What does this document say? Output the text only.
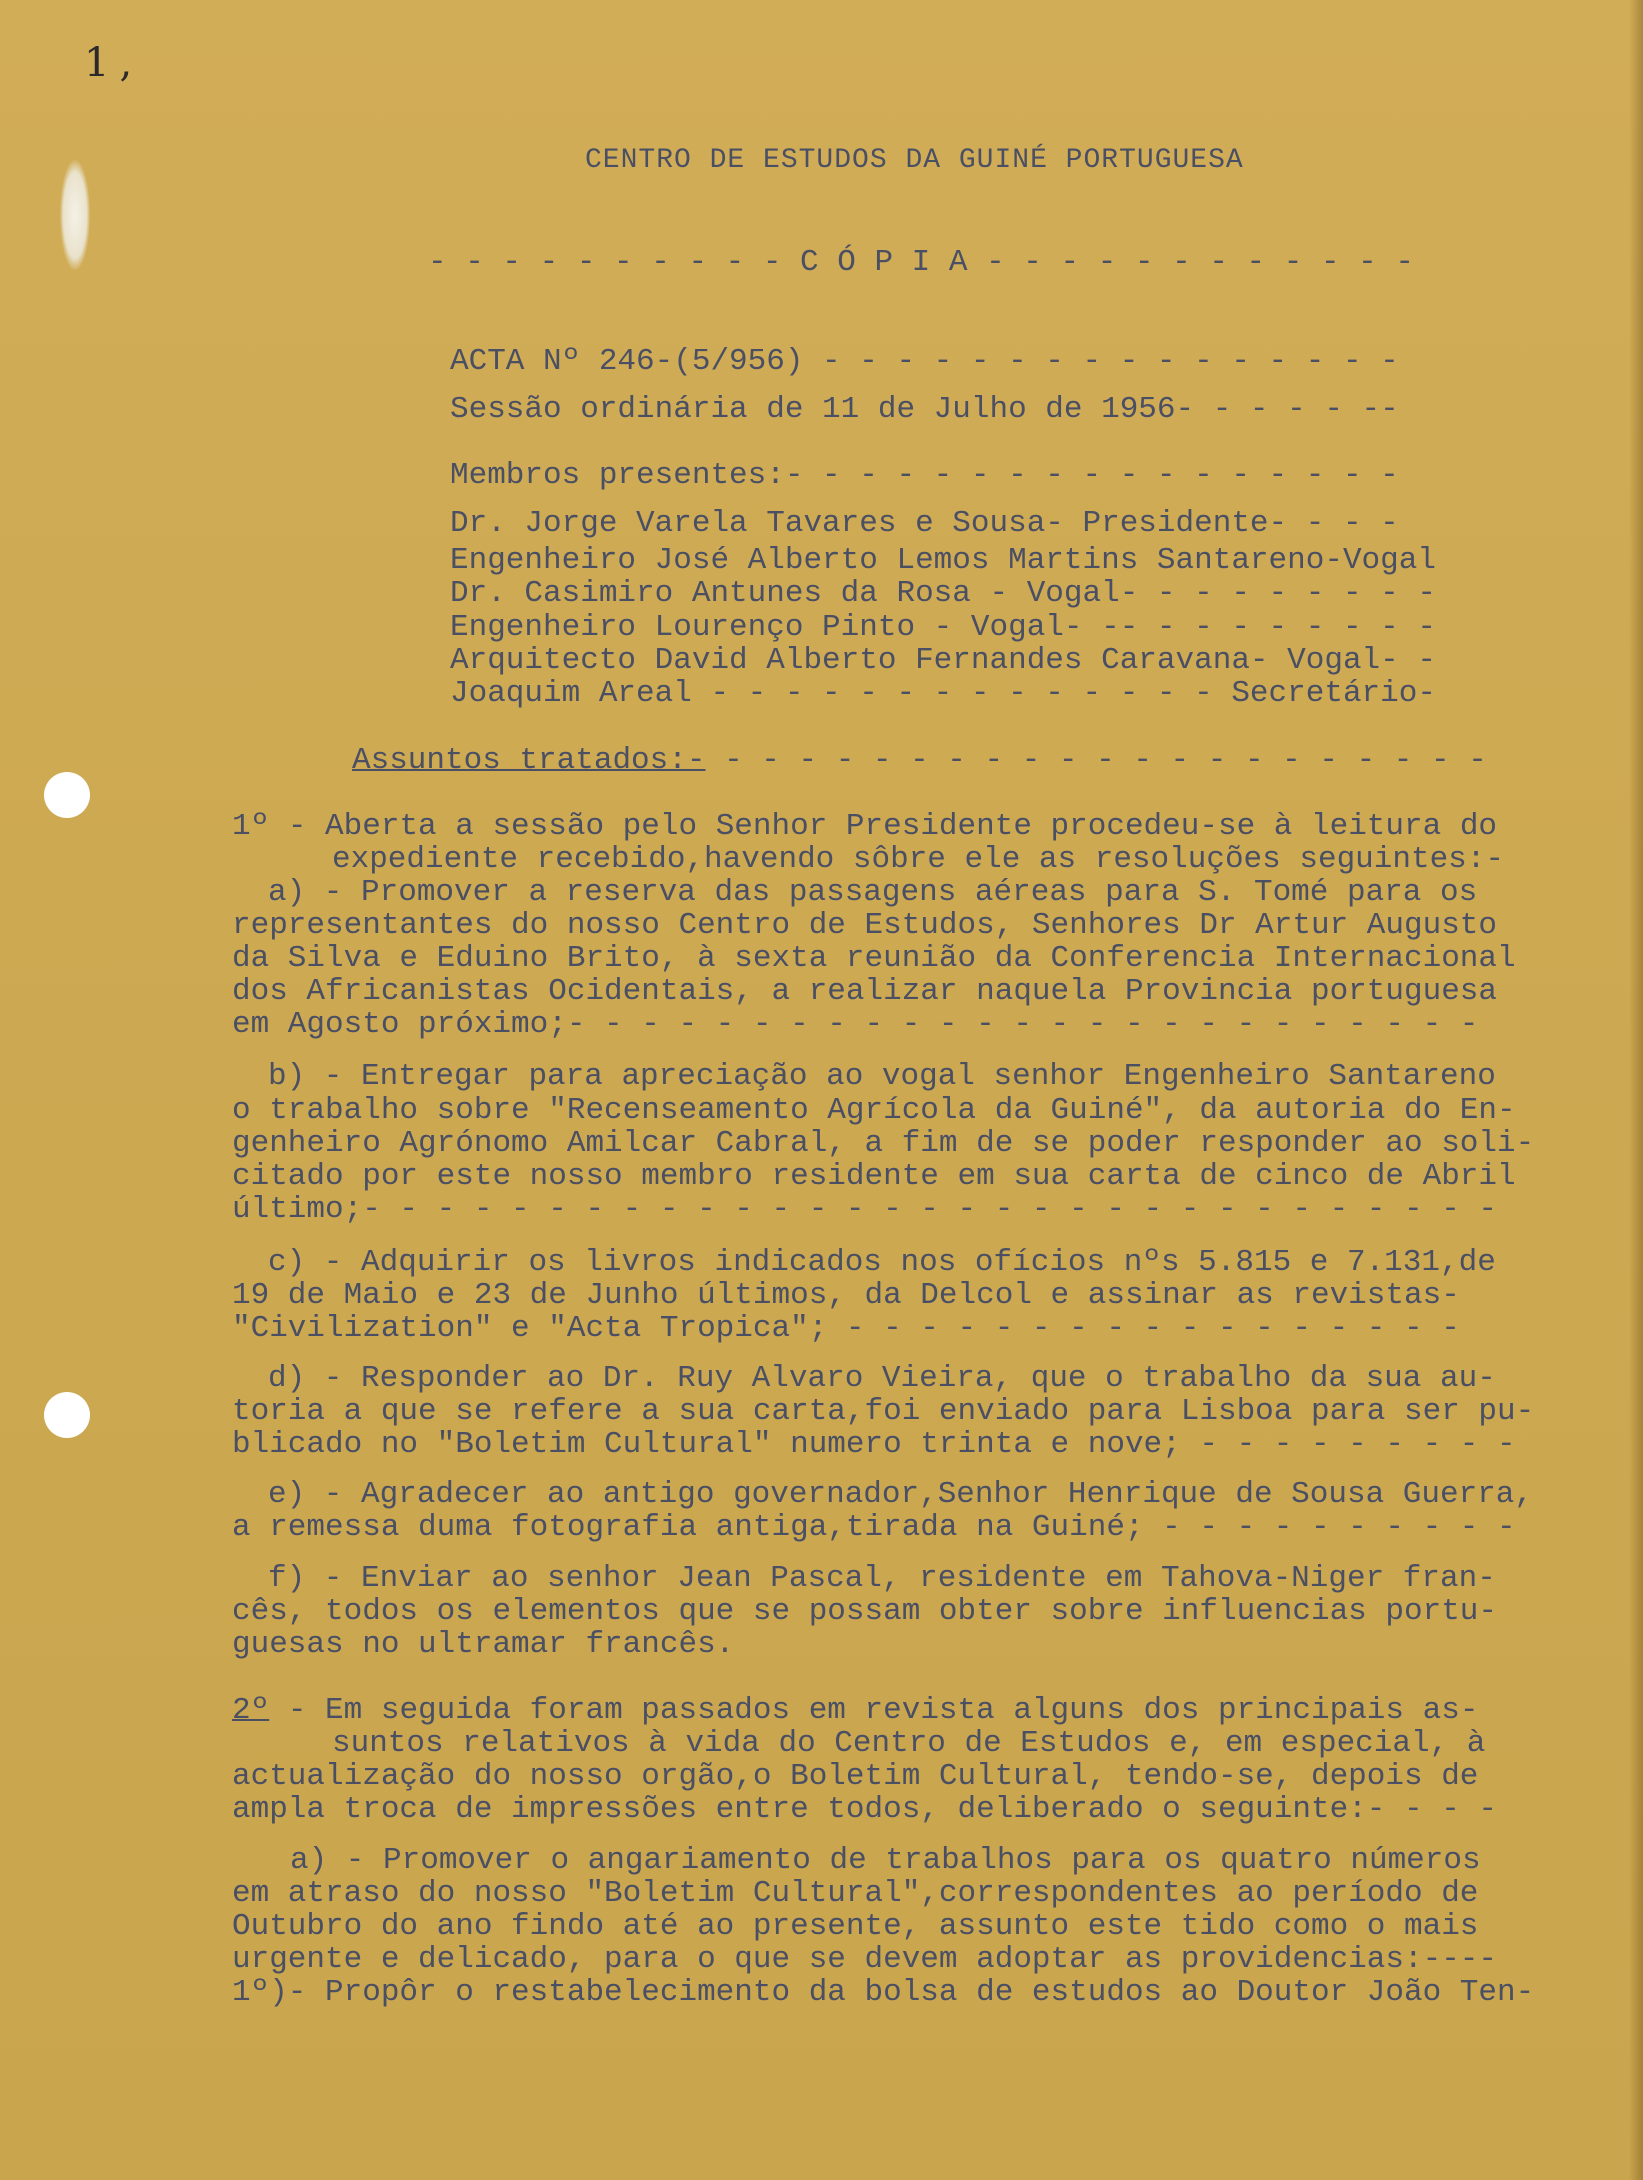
1,
CENTRO DE ESTUDOS DA GUINÉ PORTUGUESA
- - - - - - - - - - C Ó P I A - - - - - - - - - - - -
ACTA Nº 246-(5/956) - - - - - - - - - - - - - - - -
Sessão ordinária de 11 de Julho de 1956- - - - - --
Membros presentes:- - - - - - - - - - - - - - - - -
Dr. Jorge Varela Tavares e Sousa- Presidente- - - -
Engenheiro José Alberto Lemos Martins Santareno-Vogal
Dr. Casimiro Antunes da Rosa - Vogal- - - - - - - - -
Engenheiro Lourenço Pinto - Vogal- -- - - - - - - - -
Arquitecto David Alberto Fernandes Caravana- Vogal- -
Joaquim Areal - - - - - - - - - - - - - - Secretário-
Assuntos tratados:- - - - - - - - - - - - - - - - - - - - - -
1º - Aberta a sessão pelo Senhor Presidente procedeu-se à leitura do
expediente recebido,havendo sôbre ele as resoluções seguintes:-
a) - Promover a reserva das passagens aéreas para S. Tomé para os
representantes do nosso Centro de Estudos, Senhores Dr Artur Augusto
da Silva e Eduino Brito, à sexta reunião da Conferencia Internacional
dos Africanistas Ocidentais, a realizar naquela Provincia portuguesa
em Agosto próximo;- - - - - - - - - - - - - - - - - - - - - - - - -
b) - Entregar para apreciação ao vogal senhor Engenheiro Santareno
o trabalho sobre "Recenseamento Agrícola da Guiné", da autoria do En-
genheiro Agrónomo Amilcar Cabral, a fim de se poder responder ao soli-
citado por este nosso membro residente em sua carta de cinco de Abril
último;- - - - - - - - - - - - - - - - - - - - - - - - - - - - - - -
c) - Adquirir os livros indicados nos ofícios nºs 5.815 e 7.131,de
19 de Maio e 23 de Junho últimos, da Delcol e assinar as revistas-
"Civilization" e "Acta Tropica"; - - - - - - - - - - - - - - - - -
d) - Responder ao Dr. Ruy Alvaro Vieira, que o trabalho da sua au-
toria a que se refere a sua carta,foi enviado para Lisboa para ser pu-
blicado no "Boletim Cultural" numero trinta e nove; - - - - - - - - -
e) - Agradecer ao antigo governador,Senhor Henrique de Sousa Guerra,
a remessa duma fotografia antiga,tirada na Guiné; - - - - - - - - - -
f) - Enviar ao senhor Jean Pascal, residente em Tahova-Niger fran-
cês, todos os elementos que se possam obter sobre influencias portu-
guesas no ultramar francês.
2º - Em seguida foram passados em revista alguns dos principais as-
suntos relativos à vida do Centro de Estudos e, em especial, à
actualização do nosso orgão,o Boletim Cultural, tendo-se, depois de
ampla troca de impressões entre todos, deliberado o seguinte:- - - -
a) - Promover o angariamento de trabalhos para os quatro números
em atraso do nosso "Boletim Cultural",correspondentes ao período de
Outubro do ano findo até ao presente, assunto este tido como o mais
urgente e delicado, para o que se devem adoptar as providencias:----
1º)- Propôr o restabelecimento da bolsa de estudos ao Doutor João Ten-
